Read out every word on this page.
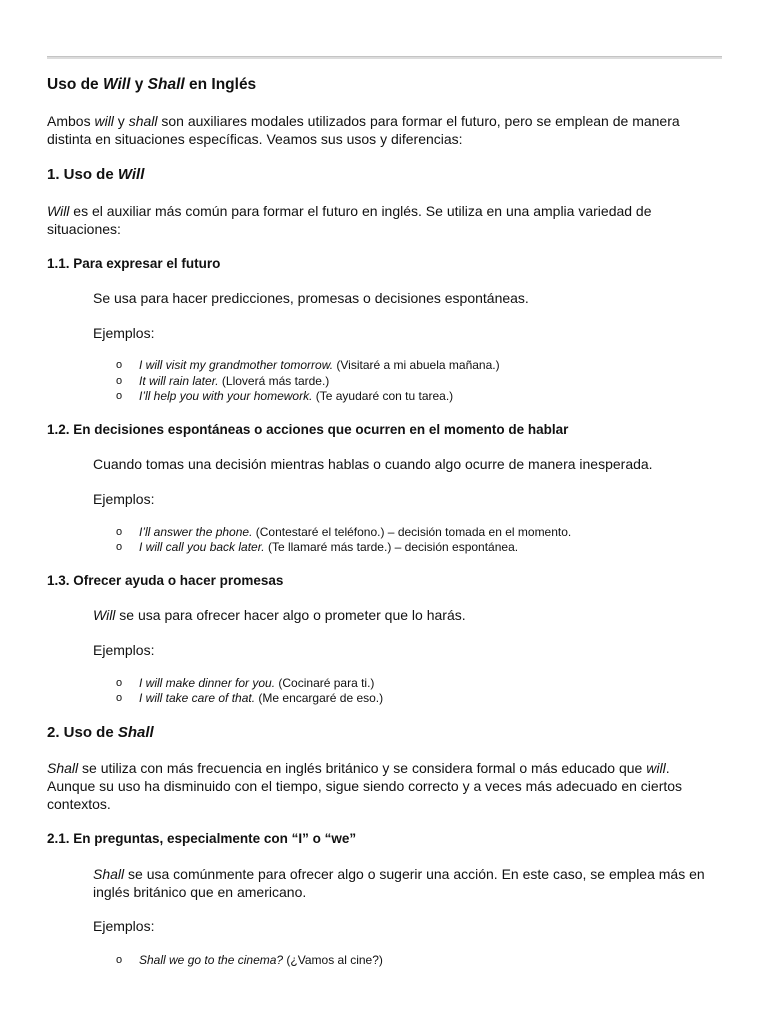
Uso de Will y Shall en Inglés
Ambos will y shall son auxiliares modales utilizados para formar el futuro, pero se emplean de manera
distinta en situaciones específicas. Veamos sus usos y diferencias:
1. Uso de Will
Will es el auxiliar más común para formar el futuro en inglés. Se utiliza en una amplia variedad de
situaciones:
1.1. Para expresar el futuro
Se usa para hacer predicciones, promesas o decisiones espontáneas.
Ejemplos:
o I will visit my grandmother tomorrow. (Visitaré a mi abuela mañana.)
o It will rain later. (Lloverá más tarde.)
o I’ll help you with your homework. (Te ayudaré con tu tarea.)
1.2. En decisiones espontáneas o acciones que ocurren en el momento de hablar
Cuando tomas una decisión mientras hablas o cuando algo ocurre de manera inesperada.
Ejemplos:
o I’ll answer the phone. (Contestaré el teléfono.) – decisión tomada en el momento.
o I will call you back later. (Te llamaré más tarde.) – decisión espontánea.
1.3. Ofrecer ayuda o hacer promesas
Will se usa para ofrecer hacer algo o prometer que lo harás.
Ejemplos:
o I will make dinner for you. (Cocinaré para ti.)
o I will take care of that. (Me encargaré de eso.)
2. Uso de Shall
Shall se utiliza con más frecuencia en inglés británico y se considera formal o más educado que will.
Aunque su uso ha disminuido con el tiempo, sigue siendo correcto y a veces más adecuado en ciertos
contextos.
2.1. En preguntas, especialmente con “I” o “we”
Shall se usa comúnmente para ofrecer algo o sugerir una acción. En este caso, se emplea más en
inglés británico que en americano.
Ejemplos:
o Shall we go to the cinema? (¿Vamos al cine?)
